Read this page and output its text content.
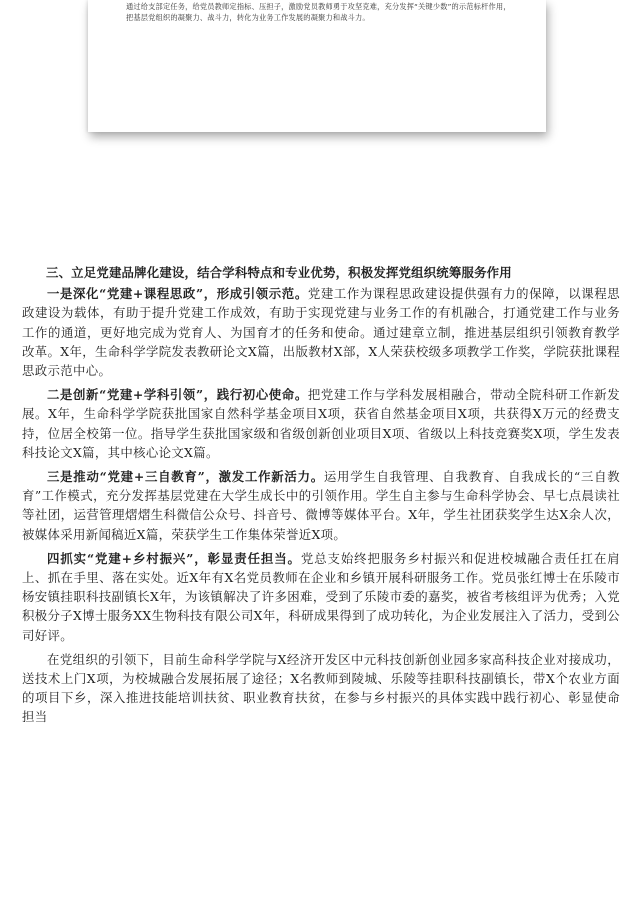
通过给支部定任务，给党员教师定指标、压担子，激励党员教师勇于攻坚克难，充分发挥“关键少数”的示范标杆作用，把基层党组织的凝聚力、战斗力，转化为业务工作发展的凝聚力和战斗力。

三、立足党建品牌化建设，结合学科特点和专业优势，积极发挥党组织统筹服务作用

一是深化“党建+课程思政”，形成引领示范。党建工作为课程思政建设提供强有力的保障，以课程思政建设为载体，有助于提升党建工作成效，有助于实现党建与业务工作的有机融合，打通党建工作与业务工作的通道，更好地完成为党育人、为国育才的任务和使命。通过建章立制，推进基层组织引领教育教学改革。X年，生命科学学院发表教研论文X篇，出版教材X部，X人荣获校级多项教学工作奖，学院获批课程思政示范中心。

二是创新“党建+学科引领”，践行初心使命。把党建工作与学科发展相融合，带动全院科研工作新发展。X年，生命科学学院获批国家自然科学基金项目X项，获省自然基金项目X项，共获得X万元的经费支持，位居全校第一位。指导学生获批国家级和省级创新创业项目X项、省级以上科技竞赛奖X项，学生发表科技论文X篇，其中核心论文X篇。

三是推动“党建+三自教育”，激发工作新活力。运用学生自我管理、自我教育、自我成长的“三自教育”工作模式，充分发挥基层党建在大学生成长中的引领作用。学生自主参与生命科学协会、早七点晨读社等社团，运营管理熠熠生科微信公众号、抖音号、微博等媒体平台。X年，学生社团获奖学生达X余人次，被媒体采用新闻稿近X篇，荣获学生工作集体荣誉近X项。

四抓实“党建+乡村振兴”，彰显责任担当。党总支始终把服务乡村振兴和促进校城融合责任扛在肩上、抓在手里、落在实处。近X年有X名党员教师在企业和乡镇开展科研服务工作。党员张红博士在乐陵市杨安镇挂职科技副镇长X年，为该镇解决了许多困难，受到了乐陵市委的嘉奖，被省考核组评为优秀；入党积极分子X博士服务XX生物科技有限公司X年，科研成果得到了成功转化，为企业发展注入了活力，受到公司好评。

在党组织的引领下，目前生命科学学院与X经济开发区中元科技创新创业园多家高科技企业对接成功，送技术上门X项，为校城融合发展拓展了途径；X名教师到陵城、乐陵等挂职科技副镇长，带X个农业方面的项目下乡，深入推进技能培训扶贫、职业教育扶贫，在参与乡村振兴的具体实践中践行初心、彰显使命担当
